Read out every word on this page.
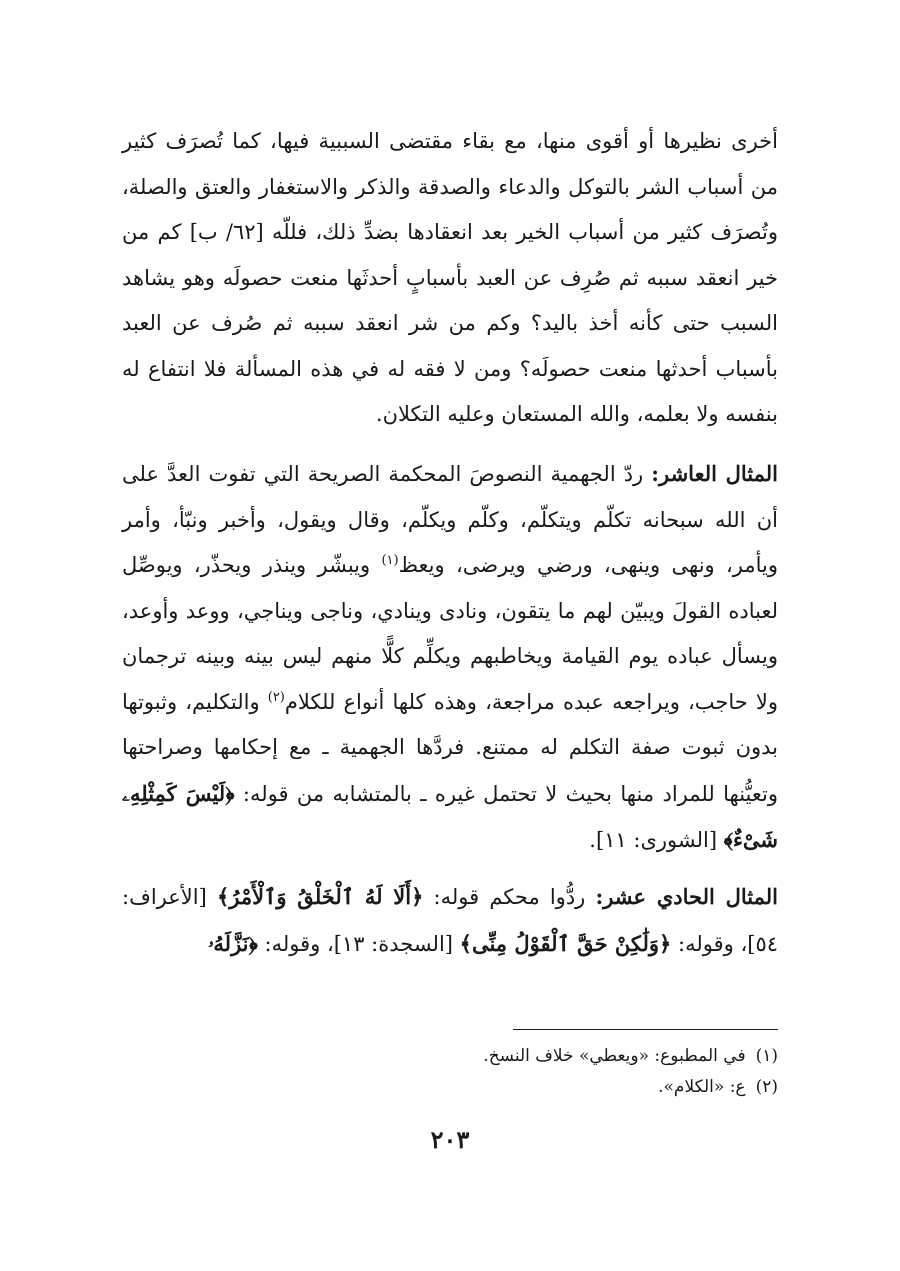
أخرى نظيرها أو أقوى منها، مع بقاء مقتضى السببية فيها، كما تُصرَف كثير من أسباب الشر بالتوكل والدعاء والصدقة والذكر والاستغفار والعتق والصلة، وتُصرَف كثير من أسباب الخير بعد انعقادها بضدِّ ذلك، فللّه [٦٢/ ب] كم من خير انعقد سببه ثم صُرِف عن العبد بأسبابٍ أحدثَها منعت حصولَه وهو يشاهد السبب حتى كأنه أخذ باليد؟ وكم من شر انعقد سببه ثم صُرف عن العبد بأسباب أحدثها منعت حصولَه؟ ومن لا فقه له في هذه المسألة فلا انتفاع له بنفسه ولا بعلمه، والله المستعان وعليه التكلان.

المثال العاشر: ردّ الجهمية النصوصَ المحكمة الصريحة التي تفوت العدَّ على أن الله سبحانه تكلّم ويتكلّم، وكلّم ويكلّم، وقال ويقول، وأخبر ونبّأ، وأمر ويأمر، ونهى وينهى، ورضي ويرضى، ويعظ$^{(١)}$ ويبشّر وينذر ويحذّر، ويوصِّل لعباده القولَ ويبيّن لهم ما يتقون، ونادى وينادي، وناجى ويناجي، ووعد وأوعد، ويسأل عباده يوم القيامة ويخاطبهم ويكلِّم كلًّا منهم ليس بينه وبينه ترجمان ولا حاجب، ويراجعه عبده مراجعة، وهذه كلها أنواع للكلام$^{(٢)}$ والتكليم، وثبوتها بدون ثبوت صفة التكلم له ممتنع. فردَّها الجهمية ـ مع إحكامها وصراحتها وتعيُّنها للمراد منها بحيث لا تحتمل غيره ـ بالمتشابه من قوله: ﴿لَيْسَ كَمِثْلِهِۦ شَىْءٌ﴾ [الشورى: ١١].

المثال الحادي عشر: ردُّوا محكم قوله: ﴿أَلَا لَهُ ٱلْخَلْقُ وَٱلْأَمْرُ﴾ [الأعراف: ٥٤]، وقوله: ﴿وَلَٰكِنْ حَقَّ ٱلْقَوْلُ مِنِّى﴾ [السجدة: ١٣]، وقوله: ﴿نَزَّلَهُۥ

(١)في المطبوع: «ويعطي» خلاف النسخ.
(٢)ع: «الكلام».
٢٠٣
